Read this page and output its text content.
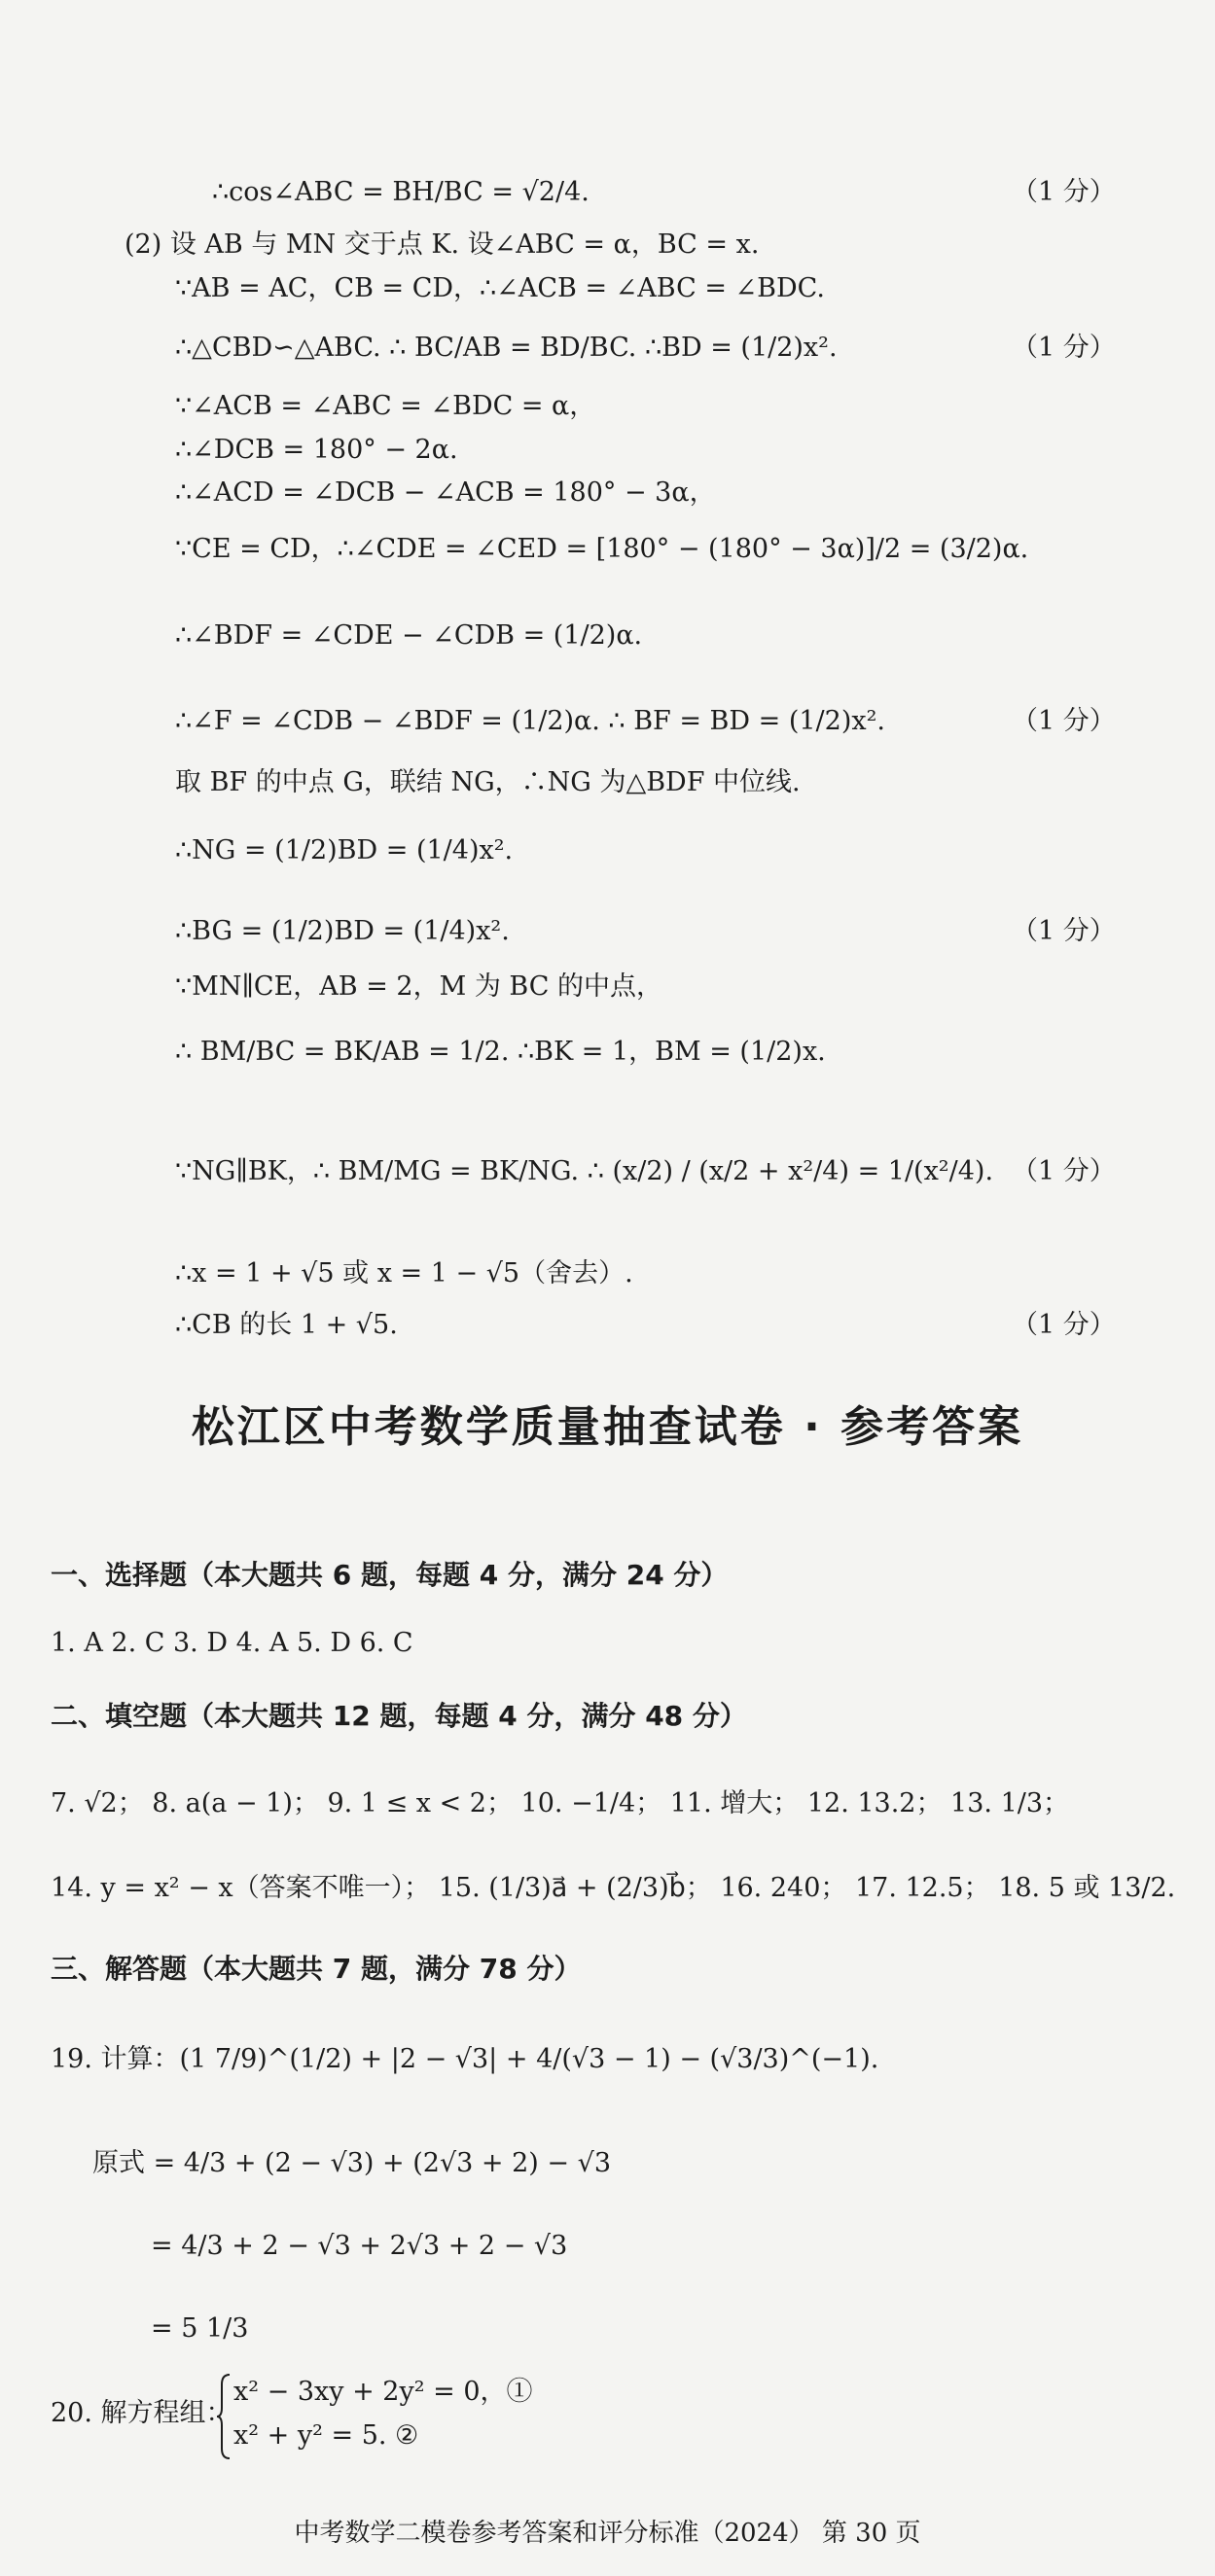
∴cos∠ABC = BH/BC = √2/4.	（1 分）
(2) 设 AB 与 MN 交于点 K. 设∠ABC = α，BC = x.
∵AB = AC，CB = CD，∴∠ACB = ∠ABC = ∠BDC.
∴△CBD∽△ABC. ∴ BC/AB = BD/BC. ∴BD = (1/2)x².	（1 分）
∵∠ACB = ∠ABC = ∠BDC = α，
∴∠DCB = 180° − 2α.
∴∠ACD = ∠DCB − ∠ACB = 180° − 3α，
∵CE = CD，∴∠CDE = ∠CED = [180° − (180° − 3α)]/2 = (3/2)α.
∴∠BDF = ∠CDE − ∠CDB = (1/2)α.
∴∠F = ∠CDB − ∠BDF = (1/2)α. ∴ BF = BD = (1/2)x².	（1 分）
取 BF 的中点 G，联结 NG，∴NG 为△BDF 中位线.
∴NG = (1/2)BD = (1/4)x².
∴BG = (1/2)BD = (1/4)x².	（1 分）
∵MN∥CE，AB = 2，M 为 BC 的中点，
∴ BM/BC = BK/AB = 1/2. ∴BK = 1，BM = (1/2)x.
∵NG∥BK，∴ BM/MG = BK/NG. ∴ (x/2) / (x/2 + x²/4) = 1/(x²/4). （1 分）
∴x = 1 + √5 或 x = 1 − √5（舍去）.
∴CB 的长 1 + √5.	（1 分）
松江区中考数学质量抽查试卷 · 参考答案
一、选择题（本大题共 6 题，每题 4 分，满分 24 分）
1. A 2. C 3. D 4. A 5. D 6. C
二、填空题（本大题共 12 题，每题 4 分，满分 48 分）
7. √2； 8. a(a − 1)； 9. 1 ≤ x < 2； 10. −1/4； 11. 增大； 12. 13.2； 13. 1/3；
14. y = x² − x（答案不唯一）； 15. (1/3)a⃗ + (2/3)b⃗； 16. 240； 17. 12.5； 18. 5 或 13/2.
三、解答题（本大题共 7 题，满分 78 分）
19. 计算：(1 7/9)^(1/2) + |2 − √3| + 4/(√3 − 1) − (√3/3)^(−1).
原式 = 4/3 + (2 − √3) + (2√3 + 2) − √3
= 4/3 + 2 − √3 + 2√3 + 2 − √3
= 5 1/3
20. 解方程组：
x² − 3xy + 2y² = 0，①
x² + y² = 5. ②
中考数学二模卷参考答案和评分标准（2024） 第 30 页
